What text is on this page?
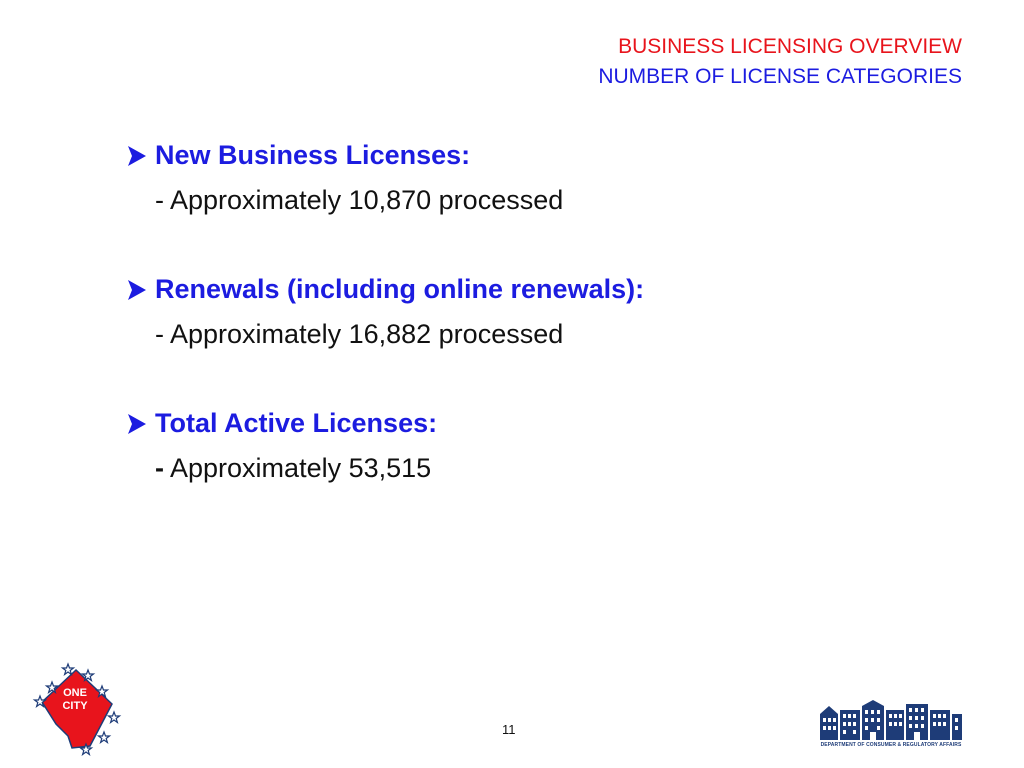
BUSINESS LICENSING OVERVIEW
NUMBER OF LICENSE CATEGORIES
New Business Licenses:
- Approximately 10,870 processed
Renewals (including online renewals):
- Approximately 16,882 processed
Total Active Licenses:
- Approximately 53,515
ONE
CITY
11
DEPARTMENT OF CONSUMER & REGULATORY AFFAIRS
